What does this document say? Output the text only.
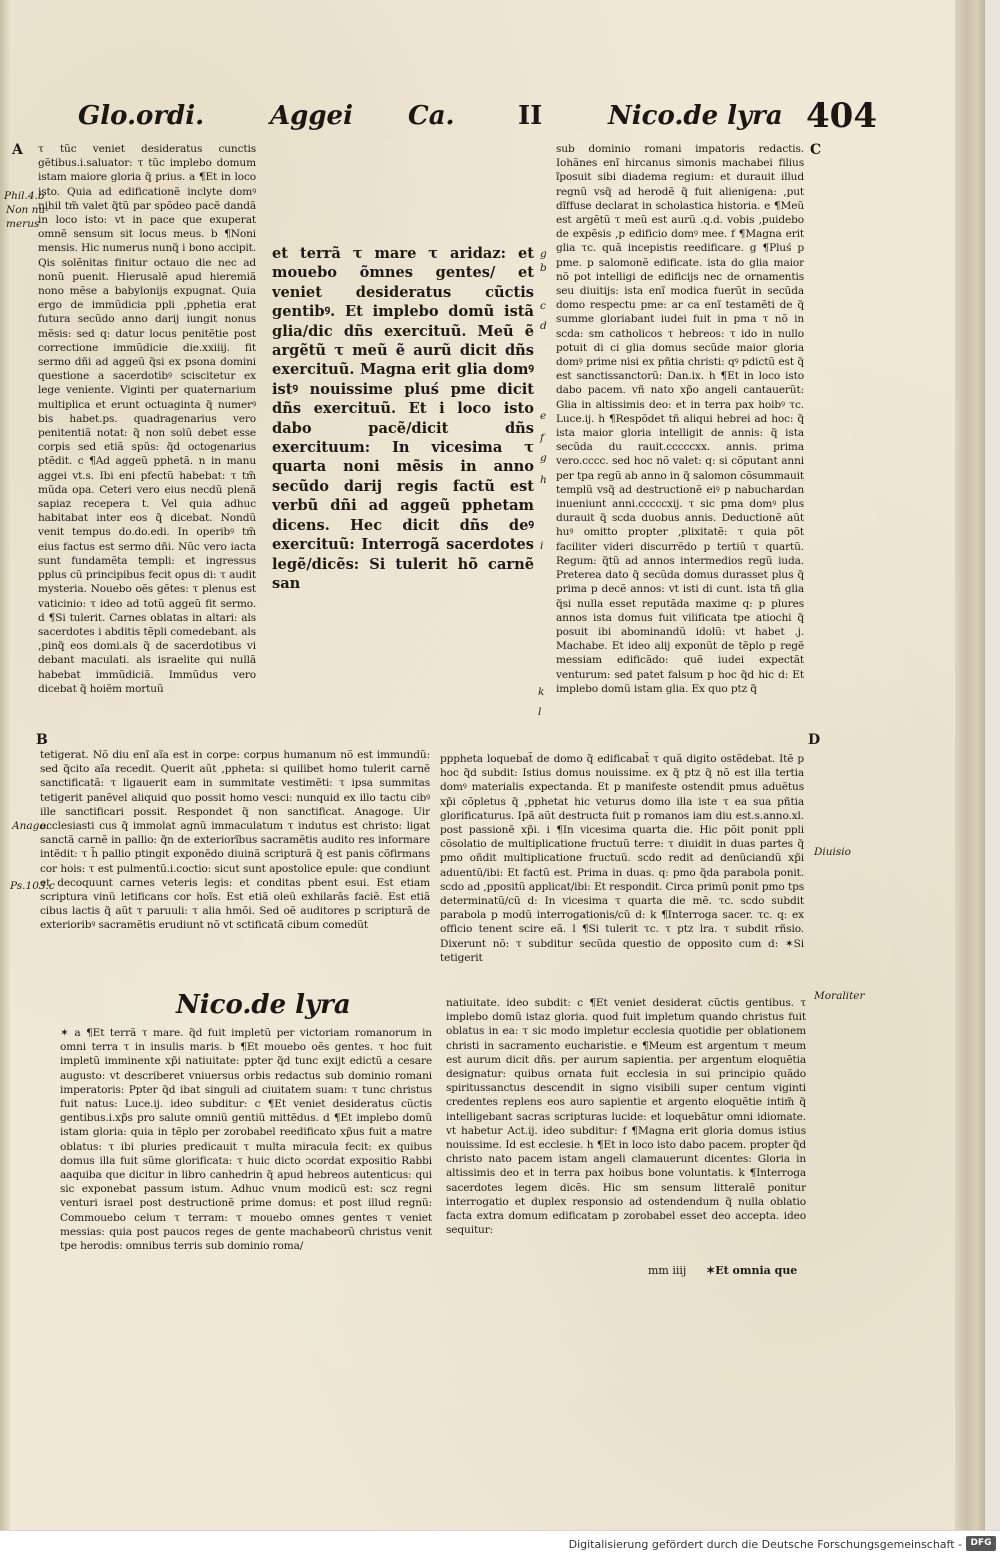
Glo.ordi.	Aggei Ca. II	Nico.de lyra 404
A
Phil.4.b
Non nu-
merus
B
Anago.
Ps.103.c
C
D
Diuisio
Moraliter
g
b
c
d
e
f
g
h
i
k
l

τ tũc veniet desideratus cunctis gẽtibus.i.saluator: τ tũc implebo domum istam maiore gloria q̃ prius. a ¶Et in loco isto. Quia ad edificationẽ inclyte domꝰ nihil tm̃ valet q̃tũ par spõdeo pacẽ dandã in loco isto: vt in pace que exuperat omnẽ sensum sit locus meus. b ¶Noni mensis. Hic numerus nunq̃ i bono accipit. Qis solẽnitas finitur octauo die nec ad nonũ puenit. Hierusalẽ apud hieremiã nono mẽse a babylonijs expugnat. Quia ergo de immũdicia ppli ,pphetia erat futura secũdo anno darij iungit nonus mẽsis: sed q: datur locus penitẽtie post correctione immũdicie die.xxiiij. fit sermo dñi ad aggeũ q̃si ex psona domini questione a sacerdotibꝰ sciscitetur ex lege veniente. Viginti per quaternarium multiplica et erunt octuaginta q̃ numerꝰ bis habet.ps. quadragenarius vero penitentiã notat: q̃ non solũ debet esse corpis sed etiã spũs: q̃d octogenarius ptẽdit. c ¶Ad aggeũ pphetã. n in manu aggei vt.s. Ibi eni pfectũ habebat: τ tm̃ mũda opa. Ceteri vero eius necdũ plenã sapiaz recepera t. Vel quia adhuc habitabat inter eos q̃ dicebat. Nondũ venit tempus do.do.edi. In operibꝰ tm̃ eius factus est sermo dñi. Nũc vero iacta sunt fundamẽta templi: et ingressus pplus cũ principibus fecit opus di: τ audit mysteria. Nouebo oẽs gẽtes: τ plenus est vaticinio: τ ideo ad totũ aggeũ fit sermo. d ¶Si tulerit. Carnes oblatas in altari: als sacerdotes i abditis tẽpli comedebant. als ,pinq̃ eos domi.als q̃ de sacerdotibus vi debant maculati. als israelite qui nullã habebat immũdiciã. Immũdus vero dicebat q̃ hoiẽm mortuũ

tetigerat. Nõ diu enĩ aĩa est in corpe: corpus humanum nõ est immundũ: sed q̃cito aĩa recedit. Querit aũt ,ppheta: si quilibet homo tulerit carnẽ sanctificatã: τ ligauerit eam in summitate vestimẽti: τ ipsa summitas tetigerit panẽvel aliquid quo possit homo vesci: nunquid ex illo tactu cibꝰ ille sanctificari possit. Respondet q̃ non sanctificat. Anagoge. Uir ecclesiasti cus q̃ immolat agnũ immaculatum τ indutus est christo: ligat sanctã carnẽ in pallio: q̃n de exteriorĩbus sacramẽtis audito res informare intẽdit: τ h̃ pallio ptingit exponẽdo diuinã scripturã q̃ est panis cõfirmans cor hois: τ est pulmentũ.i.coctio: sicut sunt apostolice epule: que condiunt et decoquunt carnes veteris legis: et conditas pbent esui. Est etiam scriptura vinũ letificans cor hoĩs. Est etiã oleũ exhilarãs faciẽ. Est etiã cibus lactis q̃ aũt τ paruuli: τ alia hmõi. Sed oẽ auditores p scripturã de exterioribꝰ sacramẽtis erudiunt nõ vt sctificatã cibum comedũt

et terrã τ mare τ aridaz: et mouebo õmnes gentes/ et veniet desideratus cũctis gentibꝰ. Et implebo domũ istã glia/dic dñs exercituũ. Meũ ẽ argẽtũ τ meũ ẽ aurũ dicit dñs exercituũ. Magna erit glia domꝰ istꝰ nouissime pluś pme dicit dñs exercituũ. Et i loco isto dabo pacẽ/dicit dñs exercituum: In vicesima τ quarta noni mẽsis in anno secũdo darij regis factũ est verbũ dñi ad aggeũ pphetam dicens. Hec dicit dñs deꝰ exercituũ: Interrogã sacerdotes legẽ/dicẽs: Si tulerit hõ carnẽ san

sub dominio romani impatoris redactis. Iohãnes enĩ hircanus simonis machabei filius ĩposuit sibi diadema regium: et durauit illud regnũ vsq̃ ad herodẽ q̃ fuit alienigena: ,put dĩffuse declarat in scholastica historia. e ¶Meũ est argẽtũ τ meũ est aurũ .q.d. vobis ,puidebo de expẽsis ,p edificio domꝰ mee. f ¶Magna erit glia τc. quã incepistis reedificare. g ¶Pluś p pme. p salomonẽ edificate. ista do glia maior nõ pot intelligi de edificijs nec de ornamentis seu diuitijs: ista enĩ modica fuerũt in secũda domo respectu pme: ar ca enĩ testamẽti de q̃ summe gloriabant iudei fuit in pma τ nõ in scda: sm catholicos τ hebreos: τ ido in nullo potuit di ci glia domus secũde maior gloria domꝰ prime nisi ex pñtia christi: qꝰ pdictũ est q̃ est sanctissanctorũ: Dan.ix. h ¶Et in loco isto dabo pacem. vñ nato xp̃o angeli cantauerũt: Glia in altissimis deo: et in terra pax hoibꝰ τc. Luce.ij. h ¶Respõdet tñ aliqui hebrei ad hoc: q̃ ista maior gloria intelligit de annis: q̃ ista secũda du rauit.cccccxx. annis. prima vero.cccc. sed hoc nõ valet: q: si cõputant anni per tpa regũ ab anno in q̃ salomon cõsummauit templũ vsq̃ ad destructionẽ eiꝰ p nabuchardan inueniunt anni.cccccxij. τ sic pma domꝰ plus durauit q̃ scda duobus annis. Deductionẽ aũt huꝰ omitto propter ,plixitatẽ: τ quia põt faciliter videri discurrẽdo p tertiũ τ quartũ. Regum: q̃tũ ad annos intermedios regũ iuda. Preterea dato q̃ secũda domus durasset plus q̃ prima p decẽ annos: vt isti di cunt. ista tñ glia q̃si nulla esset reputãda maxime q: p plures annos ista domus fuit vilificata tpe atiochi q̃ posuit ibi abominandũ idolũ: vt habet .j. Machabe. Et ideo alij exponũt de tẽplo p regẽ messiam edificãdo: quẽ iudei expectãt venturum: sed patet falsum p hoc q̃d hic d: Et implebo domũ istam glia. Ex quo ptz q̃

pppheta loquebat̃ de domo q̃ edificabat̃ τ quã digito ostẽdebat. Itẽ p hoc q̃d subdit: Istius domus nouissime. ex q̃ ptz q̃ nõ est illa tertia domꝰ materialis expectanda. Et p manifeste ostendit pmus aduẽtus xp̃i cõpletus q̃ ,pphetat hic veturus domo illa iste τ ea sua pñtia glorificaturus. Ipã aũt destructa fuit p romanos iam diu est.s.anno.xl. post passionẽ xp̃i. i ¶In vicesima quarta die. Hic põit ponit ppli cõsolatio de multiplicatione fructuũ terre: τ diuidit in duas partes q̃ pmo oñdit multiplicatione fructuũ. scdo redit ad denũciandũ xp̃i aduentũ/ibi: Et factũ est. Prima in duas. q: pmo q̃da parabola ponit. scdo ad ,ppositũ applicat/ibi: Et respondit. Circa primũ ponit pmo tps determinatũ/cũ d: In vicesima τ quarta die mẽ. τc. scdo subdit parabola p modũ interrogationis/cũ d: k ¶Interroga sacer. τc. q: ex officio tenent scire eã. l ¶Si tulerit τc. τ ptz lra. τ subdit rñsio. Dixerunt nõ: τ subditur secũda questio de opposito cum d: ✶Si tetigerit

Nico.de lyra

✶ a ¶Et terrã τ mare. q̃d fuit impletũ per victoriam romanorum in omni terra τ in insulis maris. b ¶Et mouebo oẽs gentes. τ hoc fuit impletũ imminente xp̃i natiuitate: ppter q̃d tunc exijt edictũ a cesare augusto: vt describeret vniuersus orbis redactus sub dominio romani imperatoris: Ppter q̃d ibat singuli ad ciuitatem suam: τ tunc christus fuit natus: Luce.ij. ideo subditur: c ¶Et veniet desideratus cũctis gentibus.i.xp̃s pro salute omniũ gentiũ mittẽdus. d ¶Et implebo domũ istam gloria: quia in tẽplo per zorobabel reedificato xp̃us fuit a matre oblatus: τ ibi pluries predicauit τ multa miracula fecit: ex quibus domus illa fuit sũme glorificata: τ huic dicto ɔcordat expositio Rabbi aaquiba que dicitur in libro canhedrin q̃ apud hebreos autenticus: qui sic exponebat passum istum. Adhuc vnum modicũ est: scz regni venturi israel post destructionẽ prime domus: et post illud regnũ: Commouebo celum τ terram: τ mouebo omnes gentes τ veniet messias: quia post paucos reges de gente machabeorũ christus venit tpe herodis: omnibus terris sub dominio roma/

natiuitate. ideo subdit: c ¶Et veniet desiderat cũctis gentibus. τ implebo domũ istaz gloria. quod fuit impletum quando christus fuit oblatus in ea: τ sic modo impletur ecclesia quotidie per oblationem christi in sacramento eucharistie. e ¶Meum est argentum τ meum est aurum dicit dñs. per aurum sapientia. per argentum eloquẽtia designatur: quibus ornata fuit ecclesia in sui principio quãdo spiritussanctus descendit in signo visibili super centum viginti credentes replens eos auro sapientie et argento eloquẽtie intim̃ q̃ intelligebant sacras scripturas lucide: et loquebãtur omni idiomate. vt habetur Act.ij. ideo subditur: f ¶Magna erit gloria domus istius nouissime. Id est ecclesie. h ¶Et in loco isto dabo pacem. propter q̃d christo nato pacem istam angeli clamauerunt dicentes: Gloria in altissimis deo et in terra pax hoibus bone voluntatis. k ¶Interroga sacerdotes legem dicẽs. Hic sm sensum litteralẽ ponitur interrogatio et duplex responsio ad ostendendum q̃ nulla oblatio facta extra domum edificatam p zorobabel esset deo accepta. ideo sequitur:

mm iiij ✶Et omnia que
Digitalisierung gefördert durch die Deutsche Forschungsgemeinschaft - DFG
